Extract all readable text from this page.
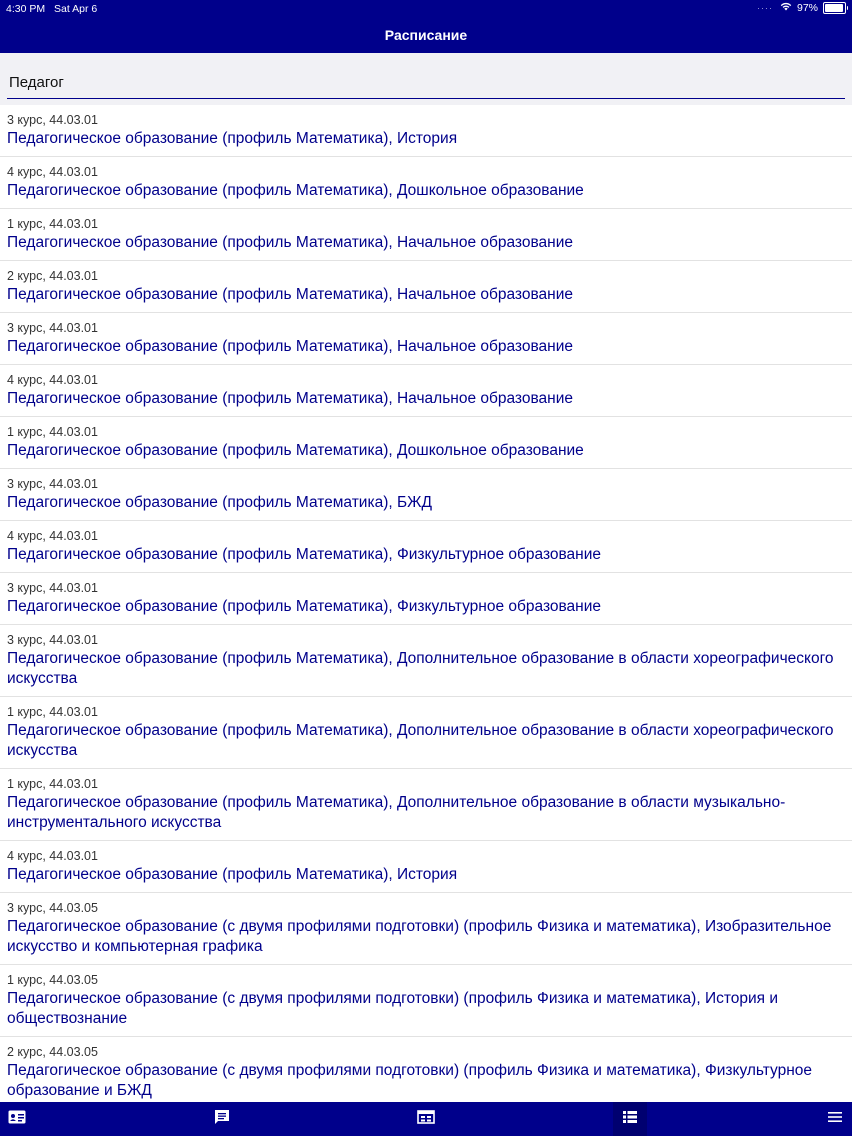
4:30 PM Sat Apr 6	···· 97%
Расписание
Педагог
3 курс, 44.03.01
Педагогическое образование (профиль Математика), История
4 курс, 44.03.01
Педагогическое образование (профиль Математика), Дошкольное образование
1 курс, 44.03.01
Педагогическое образование (профиль Математика), Начальное образование
2 курс, 44.03.01
Педагогическое образование (профиль Математика), Начальное образование
3 курс, 44.03.01
Педагогическое образование (профиль Математика), Начальное образование
4 курс, 44.03.01
Педагогическое образование (профиль Математика), Начальное образование
1 курс, 44.03.01
Педагогическое образование (профиль Математика), Дошкольное образование
3 курс, 44.03.01
Педагогическое образование (профиль Математика), БЖД
4 курс, 44.03.01
Педагогическое образование (профиль Математика), Физкультурное образование
3 курс, 44.03.01
Педагогическое образование (профиль Математика), Физкультурное образование
3 курс, 44.03.01
Педагогическое образование (профиль Математика), Дополнительное образование в области хореографического искусства
1 курс, 44.03.01
Педагогическое образование (профиль Математика), Дополнительное образование в области хореографического искусства
1 курс, 44.03.01
Педагогическое образование (профиль Математика), Дополнительное образование в области музыкально-инструментального искусства
4 курс, 44.03.01
Педагогическое образование (профиль Математика), История
3 курс, 44.03.05
Педагогическое образование (с двумя профилями подготовки) (профиль Физика и математика), Изобразительное искусство и компьютерная графика
1 курс, 44.03.05
Педагогическое образование (с двумя профилями подготовки) (профиль Физика и математика), История и обществознание
2 курс, 44.03.05
Педагогическое образование (с двумя профилями подготовки) (профиль Физика и математика), Физкультурное образование и БЖД
